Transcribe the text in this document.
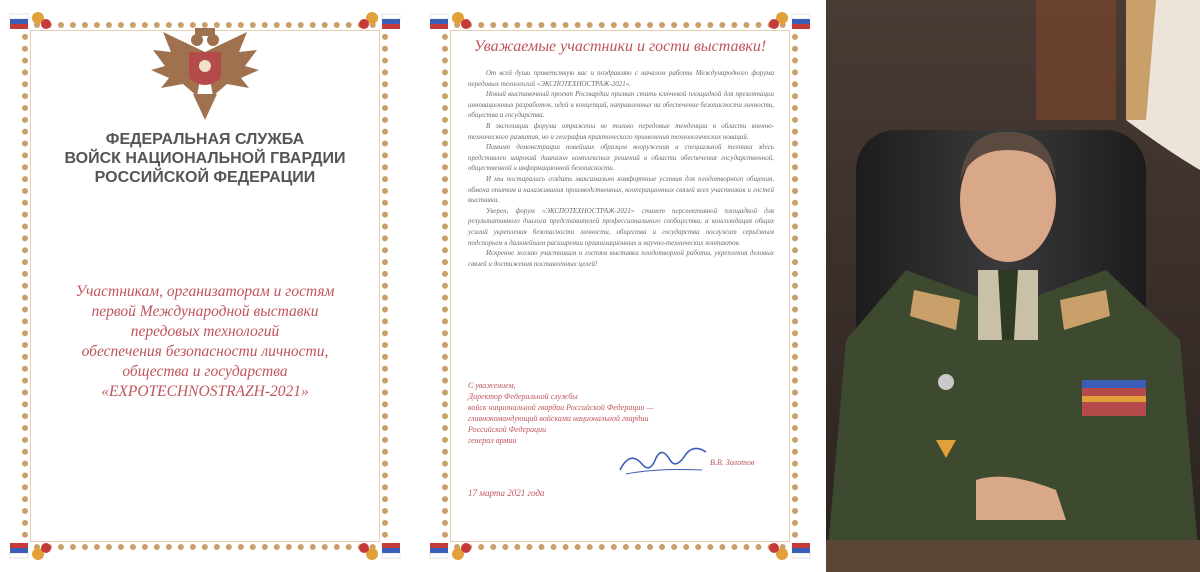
ФЕДЕРАЛЬНАЯ СЛУЖБА
ВОЙСК НАЦИОНАЛЬНОЙ ГВАРДИИ
РОССИЙСКОЙ ФЕДЕРАЦИИ
Участникам, организаторам и гостям
первой Международной выставки
передовых технологий
обеспечения безопасности личности,
общества и государства
«EXPOTECHNOSTRAZH-2021»
Уважаемые участники и гости выставки!

От всей души приветствую вас и поздравляю с началом работы Международного форума передовых технологий «ЭКСПОТЕХНОСТРАЖ-2021».

Новый выставочный проект Росгвардии призван стать ключевой площадкой для презентации инновационных разработок, идей и концепций, направленных на обеспечение безопасности личности, общества и государства.

В экспозиции форума отражены не только передовые тенденции в области военно-технического развития, но и география практического применения технологических новаций.

Помимо демонстрации новейших образцов вооружения и специальной техники здесь представлен широкий диапазон комплексных решений в области обеспечения государственной, общественной и информационной безопасности.

И мы постарались создать максимально комфортные условия для плодотворного общения, обмена опытом и налаживания производственных, кооперационных связей всех участников и гостей выставки.

Уверен, форум «ЭКСПОТЕХНОСТРАЖ-2021» станет перспективной площадкой для результативного диалога представителей профессионального сообщества, а консолидация общих усилий укрепления безопасности личности, общества и государства послужит серьёзным подспорьем в дальнейшем расширении организационных и научно-технических контактов.

Искренне желаю участникам и гостям выставки плодотворной работы, укрепления деловых связей и достижения поставленных целей!

С уважением,
Директор Федеральной службы
войск национальной гвардии Российской Федерации —
главнокомандующий войсками национальной гвардии
Российской Федерации
генерал армии
В.В. Золотов
17 марта 2021 года
